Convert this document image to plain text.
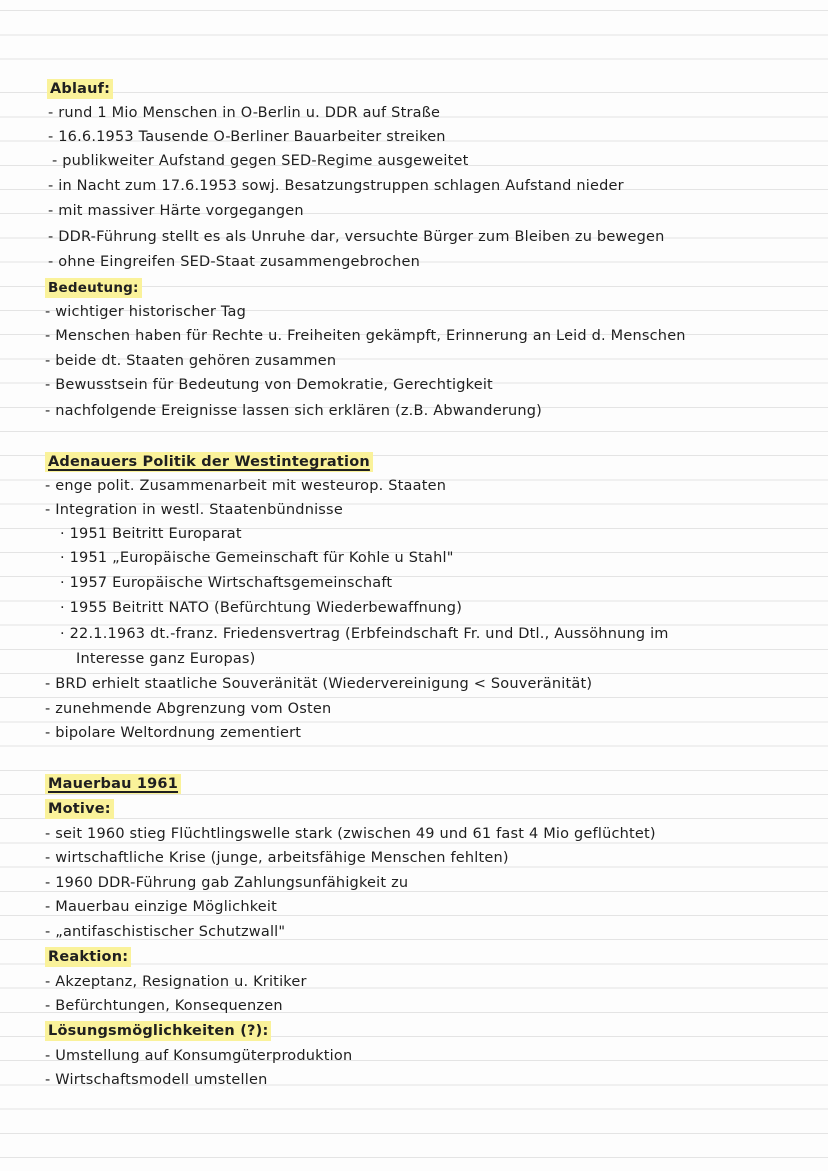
Ablauf:
- rund 1 Mio Menschen in O-Berlin u. DDR auf Straße
- 16.6.1953 Tausende O-Berliner Bauarbeiter streiken
- publikweiter Aufstand gegen SED-Regime ausgeweitet
- in Nacht zum 17.6.1953 sowj. Besatzungstruppen schlagen Aufstand nieder
- mit massiver Härte vorgegangen
- DDR-Führung stellt es als Unruhe dar, versuchte Bürger zum Bleiben zu bewegen
- ohne Eingreifen SED-Staat zusammengebrochen
Bedeutung:
- wichtiger historischer Tag
- Menschen haben für Rechte u. Freiheiten gekämpft, Erinnerung an Leid d. Menschen
- beide dt. Staaten gehören zusammen
- Bewusstsein für Bedeutung von Demokratie, Gerechtigkeit
- nachfolgende Ereignisse lassen sich erklären (z.B. Abwanderung)
Adenauers Politik der Westintegration
- enge polit. Zusammenarbeit mit westeurop. Staaten
- Integration in westl. Staatenbündnisse
· 1951 Beitritt Europarat
· 1951 „Europäische Gemeinschaft für Kohle u Stahl"
· 1957 Europäische Wirtschaftsgemeinschaft
· 1955 Beitritt NATO (Befürchtung Wiederbewaffnung)
· 22.1.1963 dt.-franz. Friedensvertrag (Erbfeindschaft Fr. und Dtl., Aussöhnung im
Interesse ganz Europas)
- BRD erhielt staatliche Souveränität (Wiedervereinigung < Souveränität)
- zunehmende Abgrenzung vom Osten
- bipolare Weltordnung zementiert
Mauerbau 1961
Motive:
- seit 1960 stieg Flüchtlingswelle stark (zwischen 49 und 61 fast 4 Mio geflüchtet)
- wirtschaftliche Krise (junge, arbeitsfähige Menschen fehlten)
- 1960 DDR-Führung gab Zahlungsunfähigkeit zu
- Mauerbau einzige Möglichkeit
- „antifaschistischer Schutzwall"
Reaktion:
- Akzeptanz, Resignation u. Kritiker
- Befürchtungen, Konsequenzen
Lösungsmöglichkeiten (?):
- Umstellung auf Konsumgüterproduktion
- Wirtschaftsmodell umstellen
